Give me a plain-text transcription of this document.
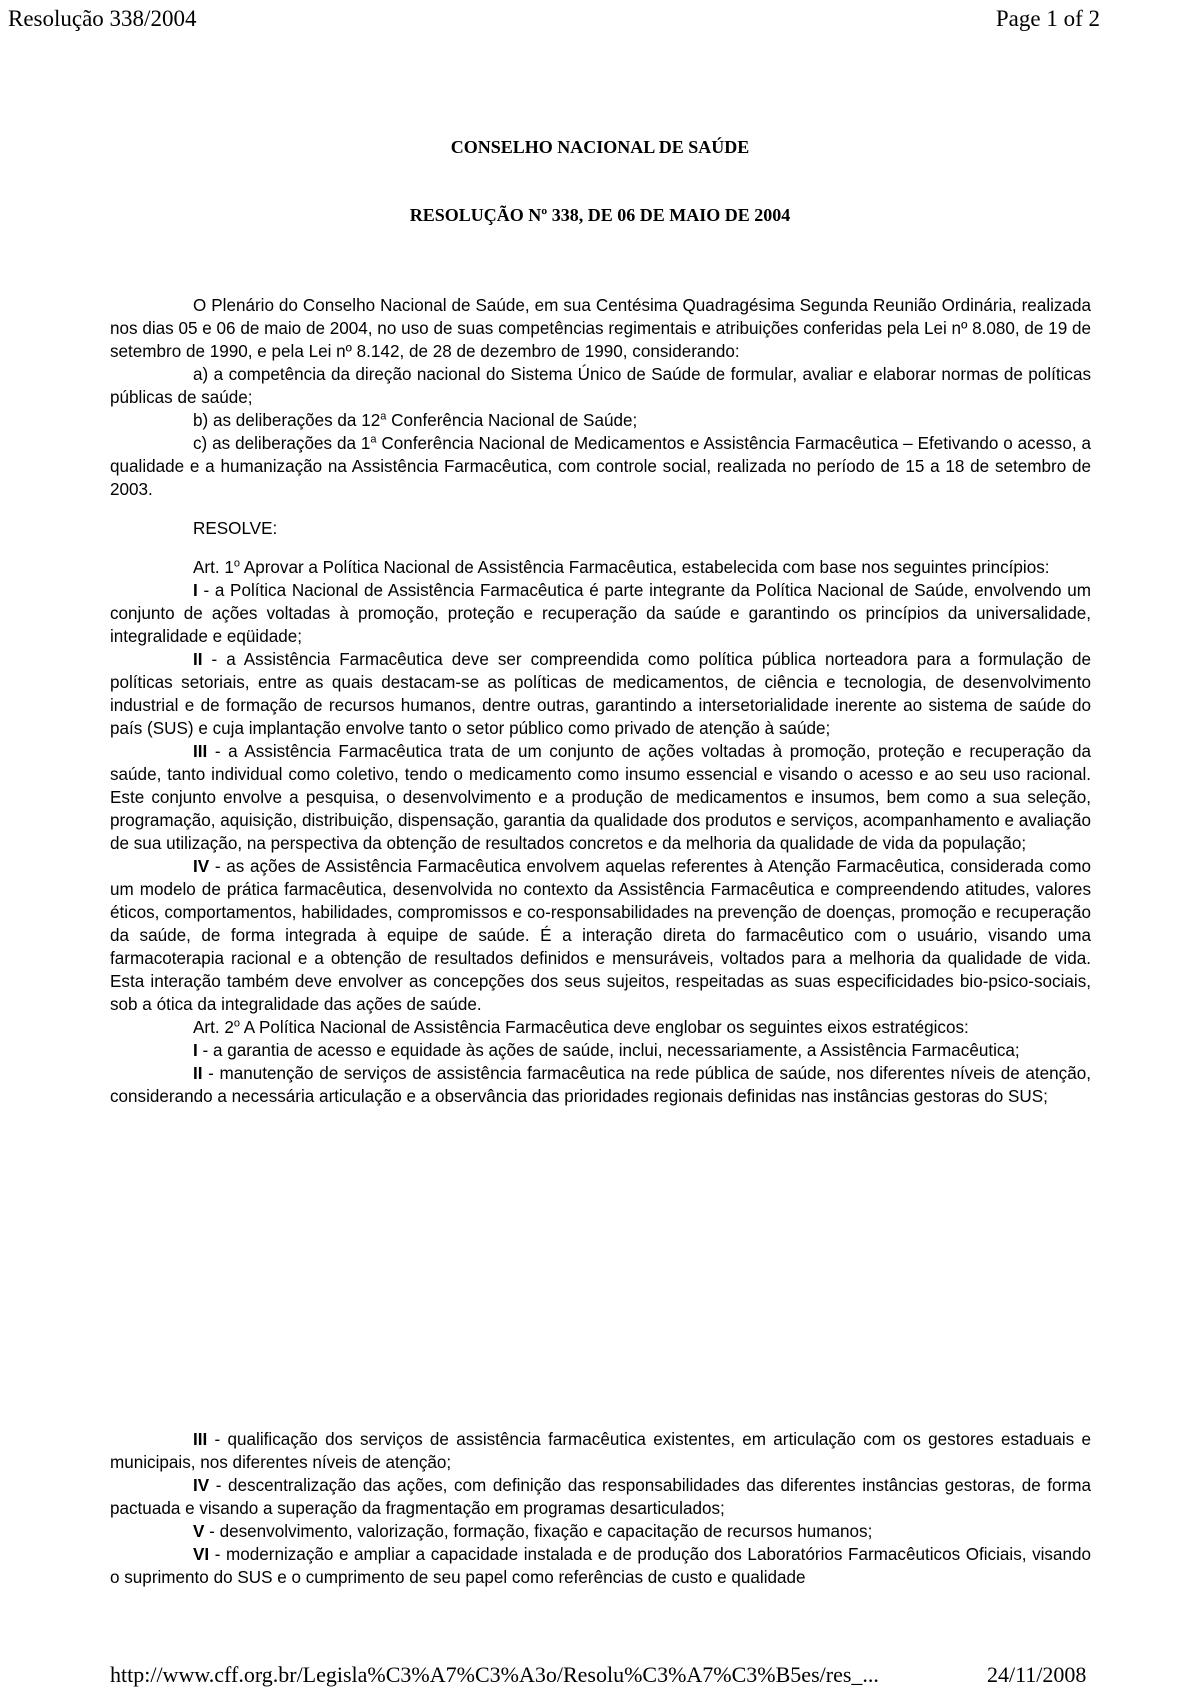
Resolução 338/2004	Page 1 of 2
CONSELHO NACIONAL DE SAÚDE
RESOLUÇÃO Nº 338, DE 06 DE MAIO DE 2004

O Plenário do Conselho Nacional de Saúde, em sua Centésima Quadragésima Segunda Reunião Ordinária, realizada nos dias 05 e 06 de maio de 2004, no uso de suas competências regimentais e atribuições conferidas pela Lei nº 8.080, de 19 de setembro de 1990, e pela Lei nº 8.142, de 28 de dezembro de 1990, considerando:

a) a competência da direção nacional do Sistema Único de Saúde de formular, avaliar e elaborar normas de políticas públicas de saúde;

b) as deliberações da 12$^a$ Conferência Nacional de Saúde;

c) as deliberações da 1$^a$ Conferência Nacional de Medicamentos e Assistência Farmacêutica – Efetivando o acesso, a qualidade e a humanização na Assistência Farmacêutica, com controle social, realizada no período de 15 a 18 de setembro de 2003.

RESOLVE:

Art. 1$^o$ Aprovar a Política Nacional de Assistência Farmacêutica, estabelecida com base nos seguintes princípios:

I - a Política Nacional de Assistência Farmacêutica é parte integrante da Política Nacional de Saúde, envolvendo um conjunto de ações voltadas à promoção, proteção e recuperação da saúde e garantindo os princípios da universalidade, integralidade e eqüidade;

II - a Assistência Farmacêutica deve ser compreendida como política pública norteadora para a formulação de políticas setoriais, entre as quais destacam-se as políticas de medicamentos, de ciência e tecnologia, de desenvolvimento industrial e de formação de recursos humanos, dentre outras, garantindo a intersetorialidade inerente ao sistema de saúde do país (SUS) e cuja implantação envolve tanto o setor público como privado de atenção à saúde;

III - a Assistência Farmacêutica trata de um conjunto de ações voltadas à promoção, proteção e recuperação da saúde, tanto individual como coletivo, tendo o medicamento como insumo essencial e visando o acesso e ao seu uso racional. Este conjunto envolve a pesquisa, o desenvolvimento e a produção de medicamentos e insumos, bem como a sua seleção, programação, aquisição, distribuição, dispensação, garantia da qualidade dos produtos e serviços, acompanhamento e avaliação de sua utilização, na perspectiva da obtenção de resultados concretos e da melhoria da qualidade de vida da população;

IV - as ações de Assistência Farmacêutica envolvem aquelas referentes à Atenção Farmacêutica, considerada como um modelo de prática farmacêutica, desenvolvida no contexto da Assistência Farmacêutica e compreendendo atitudes, valores éticos, comportamentos, habilidades, compromissos e co-responsabilidades na prevenção de doenças, promoção e recuperação da saúde, de forma integrada à equipe de saúde. É a interação direta do farmacêutico com o usuário, visando uma farmacoterapia racional e a obtenção de resultados definidos e mensuráveis, voltados para a melhoria da qualidade de vida. Esta interação também deve envolver as concepções dos seus sujeitos, respeitadas as suas especificidades bio-psico-sociais, sob a ótica da integralidade das ações de saúde.

Art. 2$^o$ A Política Nacional de Assistência Farmacêutica deve englobar os seguintes eixos estratégicos:

I - a garantia de acesso e equidade às ações de saúde, inclui, necessariamente, a Assistência Farmacêutica;

II - manutenção de serviços de assistência farmacêutica na rede pública de saúde, nos diferentes níveis de atenção, considerando a necessária articulação e a observância das prioridades regionais definidas nas instâncias gestoras do SUS;

III - qualificação dos serviços de assistência farmacêutica existentes, em articulação com os gestores estaduais e municipais, nos diferentes níveis de atenção;

IV - descentralização das ações, com definição das responsabilidades das diferentes instâncias gestoras, de forma pactuada e visando a superação da fragmentação em programas desarticulados;

V - desenvolvimento, valorização, formação, fixação e capacitação de recursos humanos;

VI - modernização e ampliar a capacidade instalada e de produção dos Laboratórios Farmacêuticos Oficiais, visando o suprimento do SUS e o cumprimento de seu papel como referências de custo e qualidade

http://www.cff.org.br/Legisla%C3%A7%C3%A3o/Resolu%C3%A7%C3%B5es/res_...	24/11/2008
